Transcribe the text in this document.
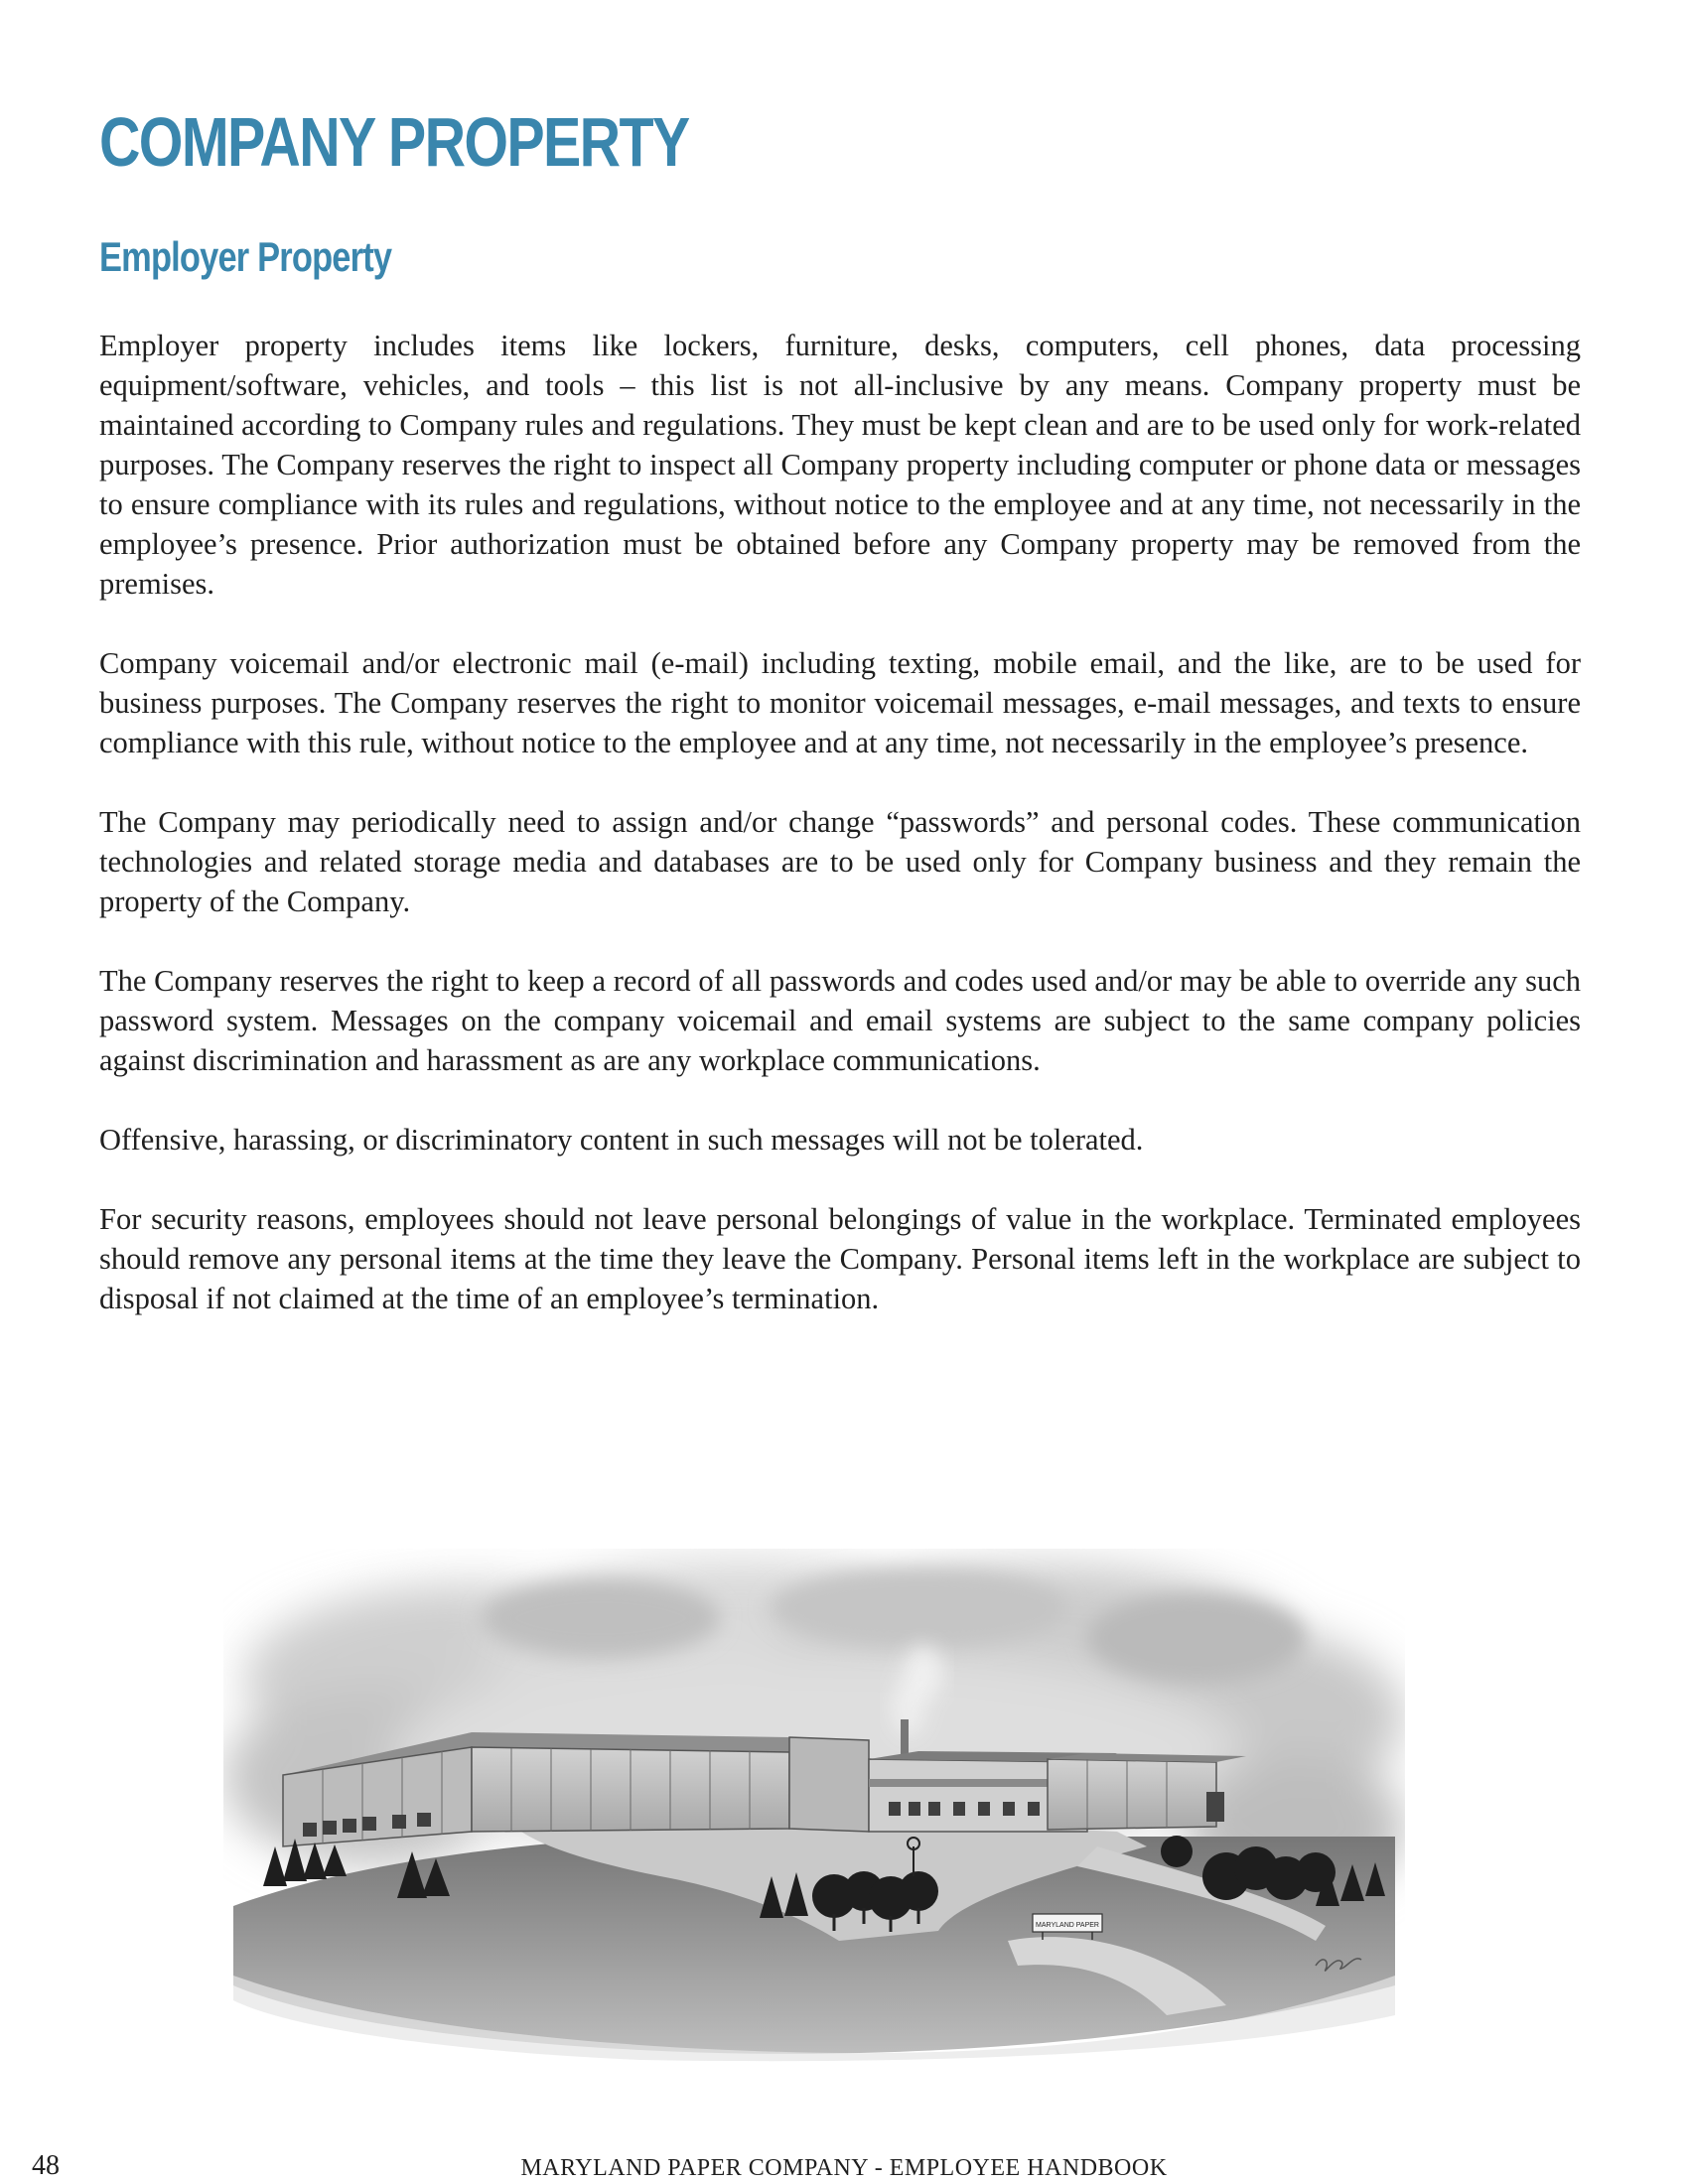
COMPANY PROPERTY
Employer Property

Employer property includes items like lockers, furniture, desks, computers, cell phones, data processing equipment/software, vehicles, and tools – this list is not all-inclusive by any means. Company property must be maintained according to Company rules and regulations. They must be kept clean and are to be used only for work-related purposes. The Company reserves the right to inspect all Company property including computer or phone data or messages to ensure compliance with its rules and regulations, without notice to the employee and at any time, not necessarily in the employee’s presence. Prior authorization must be obtained before any Company property may be removed from the premises.

Company voicemail and/or electronic mail (e-mail) including texting, mobile email, and the like, are to be used for business purposes. The Company reserves the right to monitor voicemail messages, e-mail messages, and texts to ensure compliance with this rule, without notice to the employee and at any time, not necessarily in the employee’s presence.

The Company may periodically need to assign and/or change “passwords” and personal codes. These communication technologies and related storage media and databases are to be used only for Company business and they remain the property of the Company.

The Company reserves the right to keep a record of all passwords and codes used and/or may be able to override any such password system. Messages on the company voicemail and email systems are subject to the same company policies against discrimination and harassment as are any workplace communications.

Offensive, harassing, or discriminatory content in such messages will not be tolerated.

For security reasons, employees should not leave personal belongings of value in the workplace. Terminated employees should remove any personal items at the time they leave the Company. Personal items left in the workplace are subject to disposal if not claimed at the time of an employee’s termination.

MARYLAND PAPER
48	MARYLAND PAPER COMPANY - EMPLOYEE HANDBOOK
